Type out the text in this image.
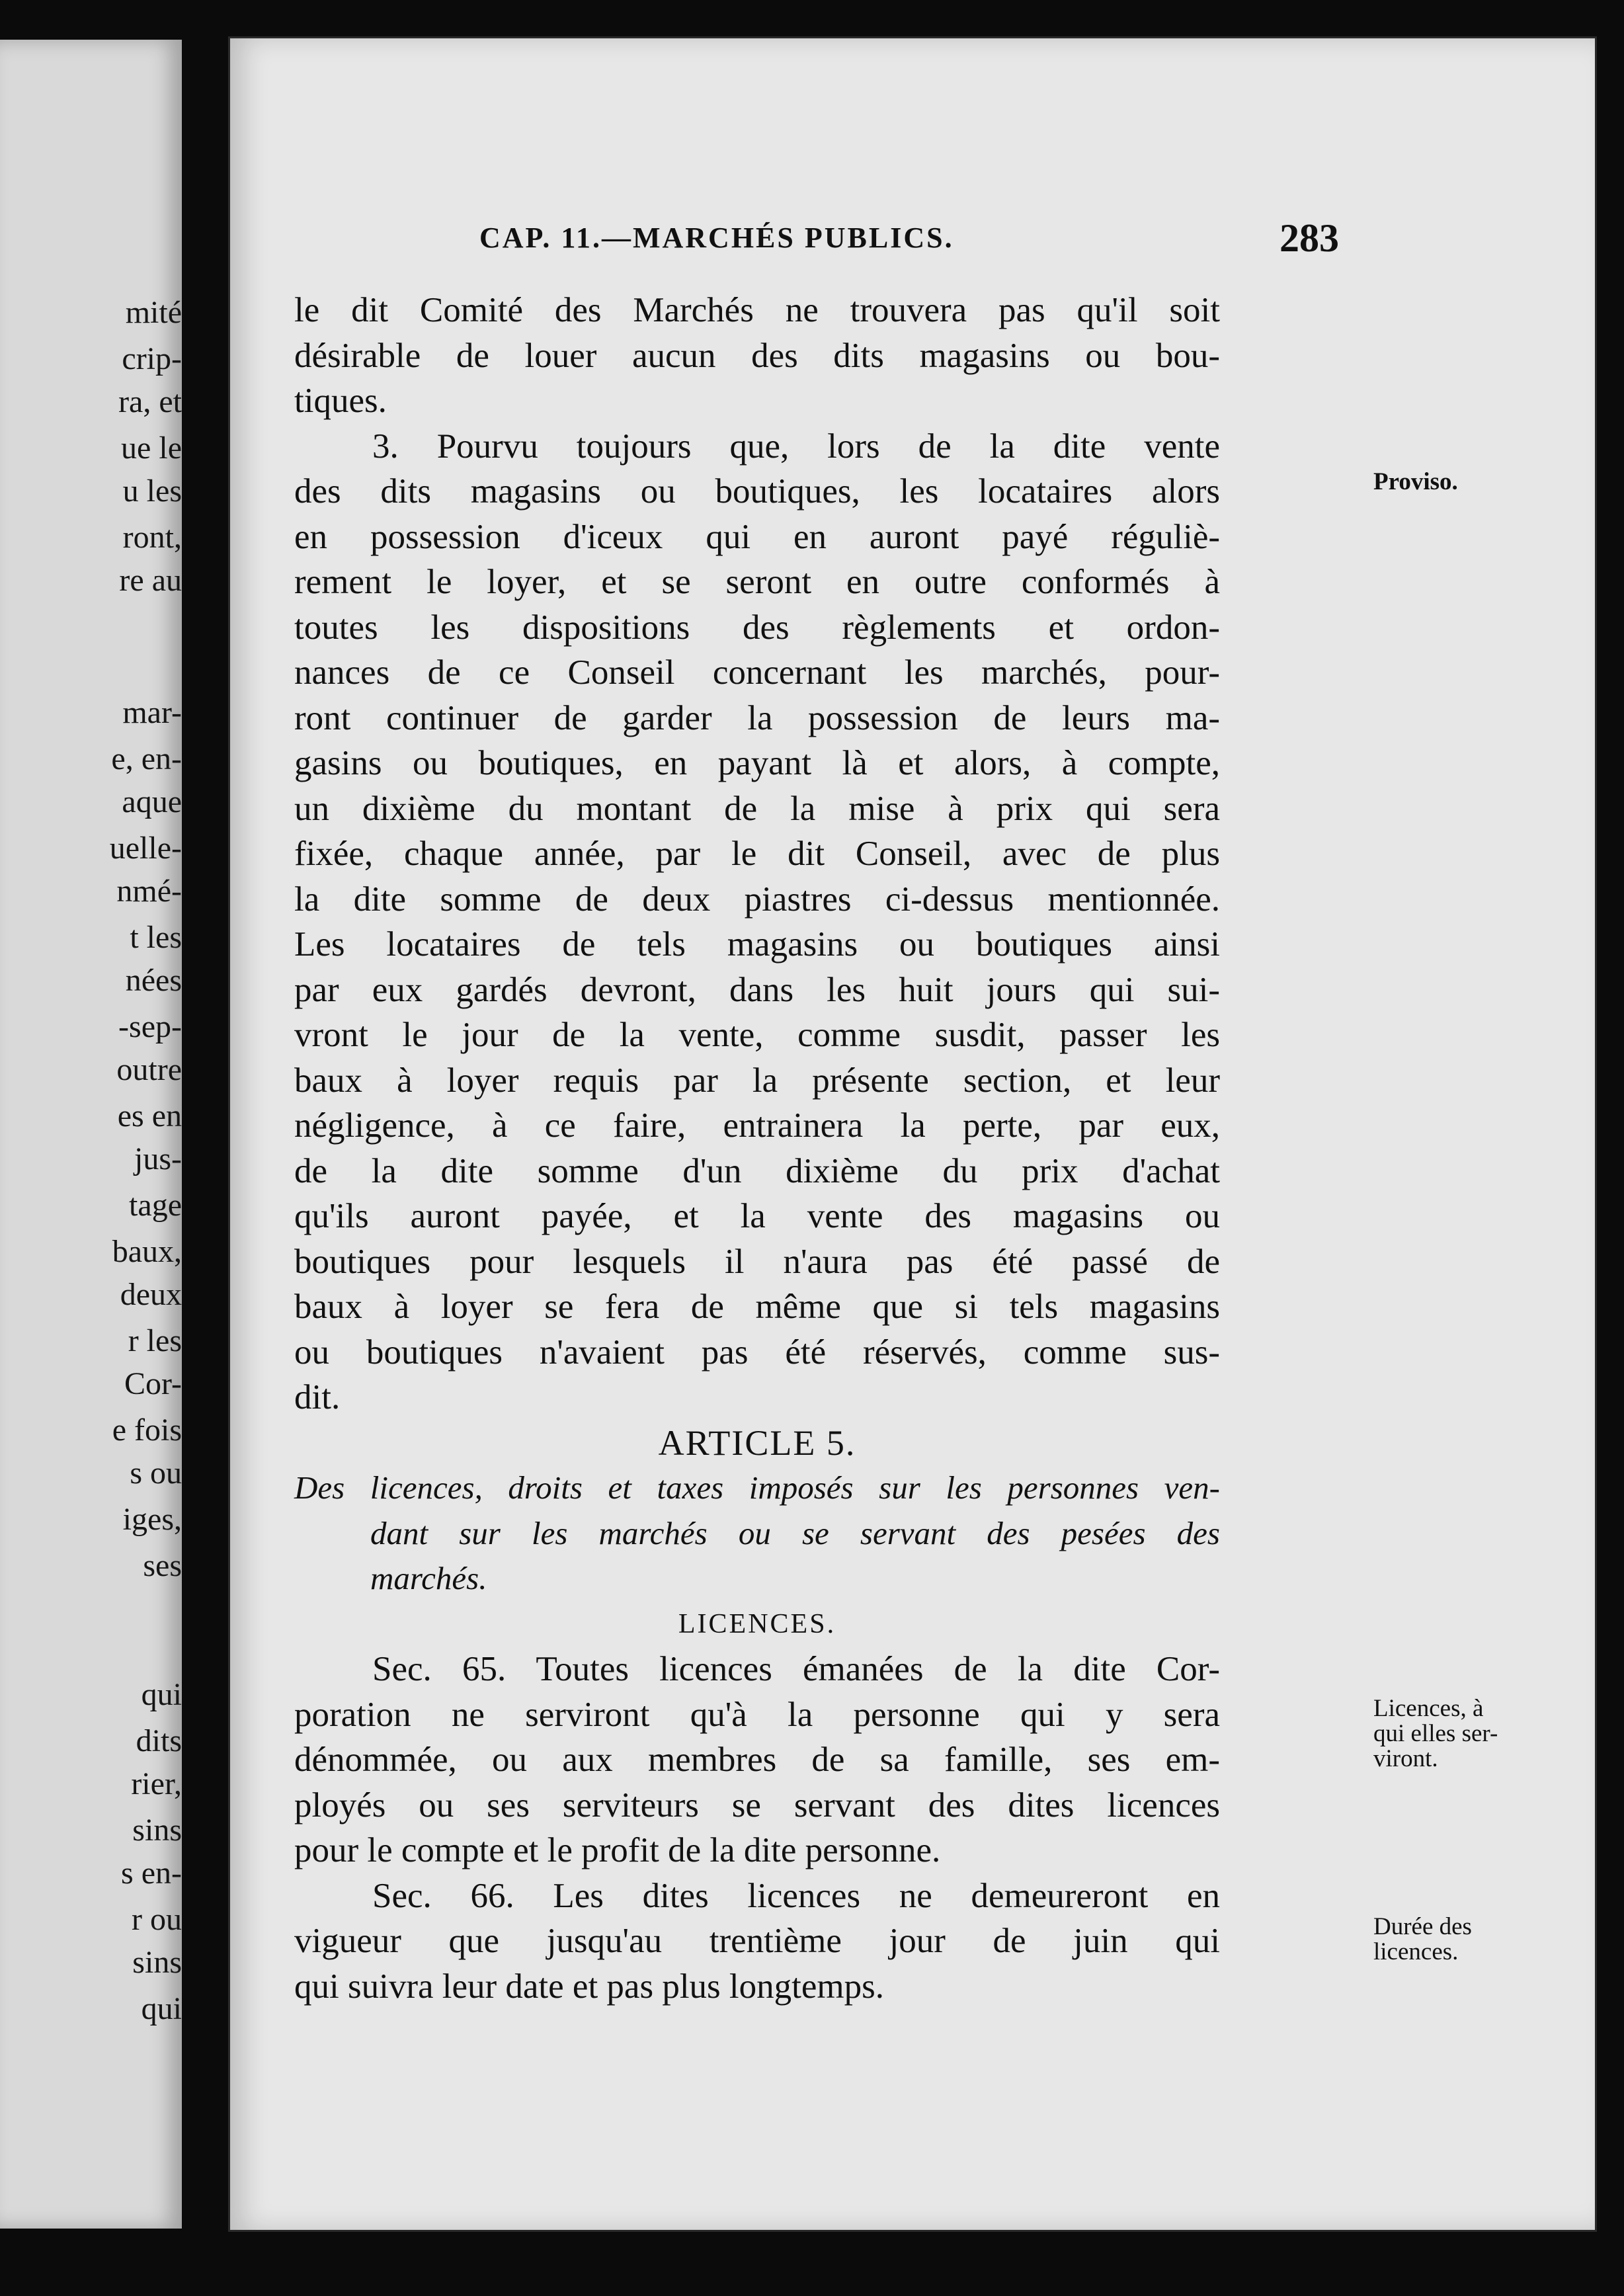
mité
crip-
ra, et
ue le
u les
ront,
re au
mar-
e, en-
aque
uelle-
nmé-
t les
nées
-sep-
outre
es en
jus-
tage
baux,
deux
r les
Cor-
e fois
s ou
iges,
ses
qui
dits
rier,
sins
s en-
r ou
sins
qui
CAP. 11.—MARCHÉS PUBLICS.	283
le dit Comité des Marchés ne trouvera pas qu'il soit
désirable de louer aucun des dits magasins ou bou-
tiques.
3. Pourvu toujours que, lors de la dite vente
des dits magasins ou boutiques, les locataires alors
en possession d'iceux qui en auront payé réguliè-
rement le loyer, et se seront en outre conformés à
toutes les dispositions des règlements et ordon-
nances de ce Conseil concernant les marchés, pour-
ront continuer de garder la possession de leurs ma-
gasins ou boutiques, en payant là et alors, à compte,
un dixième du montant de la mise à prix qui sera
fixée, chaque année, par le dit Conseil, avec de plus
la dite somme de deux piastres ci-dessus mentionnée.
Les locataires de tels magasins ou boutiques ainsi
par eux gardés devront, dans les huit jours qui sui-
vront le jour de la vente, comme susdit, passer les
baux à loyer requis par la présente section, et leur
négligence, à ce faire, entrainera la perte, par eux,
de la dite somme d'un dixième du prix d'achat
qu'ils auront payée, et la vente des magasins ou
boutiques pour lesquels il n'aura pas été passé de
baux à loyer se fera de même que si tels magasins
ou boutiques n'avaient pas été réservés, comme sus-
dit.
ARTICLE 5.
Des licences, droits et taxes imposés sur les personnes ven-
dant sur les marchés ou se servant des pesées des
marchés.
LICENCES.
Sec. 65. Toutes licences émanées de la dite Cor-
poration ne serviront qu'à la personne qui y sera
dénommée, ou aux membres de sa famille, ses em-
ployés ou ses serviteurs se servant des dites licences
pour le compte et le profit de la dite personne.
Sec. 66. Les dites licences ne demeureront en
vigueur que jusqu'au trentième jour de juin qui
qui suivra leur date et pas plus longtemps.
Proviso.
Licences, à
qui elles ser-
viront.
Durée des
licences.
